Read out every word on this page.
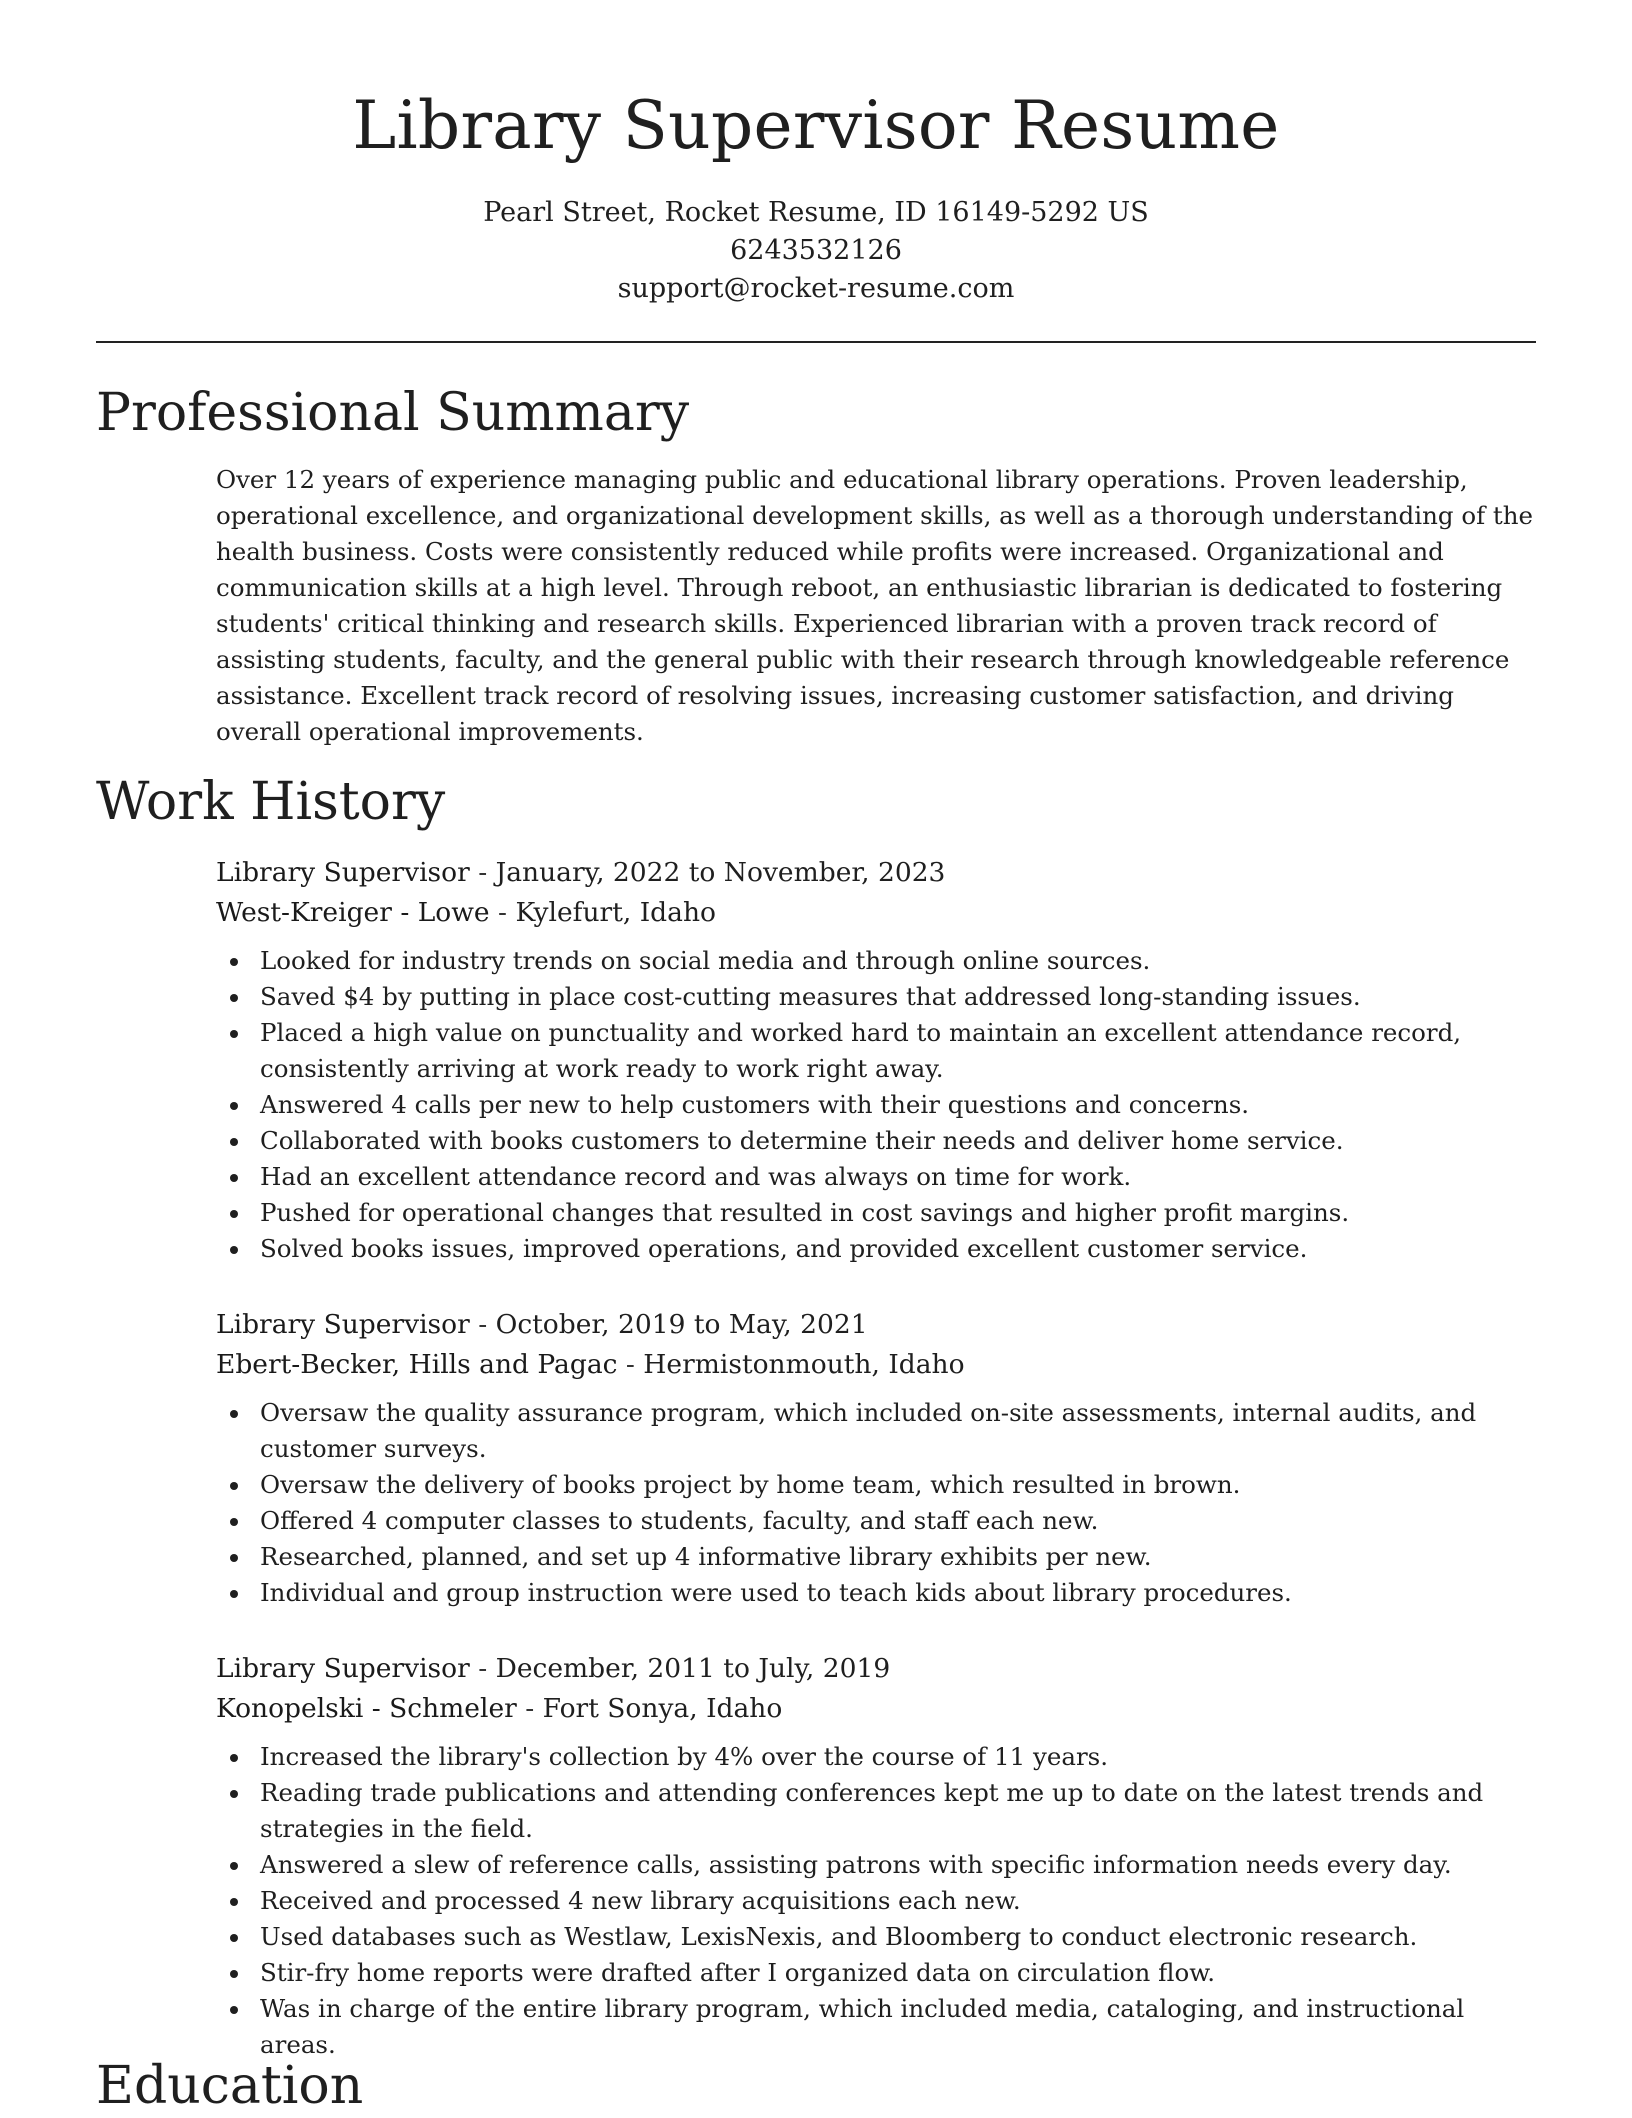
Library Supervisor Resume
Pearl Street, Rocket Resume, ID 16149-5292 US
6243532126
support@rocket-resume.com
Professional Summary

Over 12 years of experience managing public and educational library operations. Proven leadership, operational excellence, and organizational development skills, as well as a thorough understanding of the health business. Costs were consistently reduced while profits were increased. Organizational and communication skills at a high level. Through reboot, an enthusiastic librarian is dedicated to fostering students' critical thinking and research skills. Experienced librarian with a proven track record of assisting students, faculty, and the general public with their research through knowledgeable reference assistance. Excellent track record of resolving issues, increasing customer satisfaction, and driving overall operational improvements.

Work History
Library Supervisor - January, 2022 to November, 2023
West-Kreiger - Lowe - Kylefurt, Idaho
Looked for industry trends on social media and through online sources.
Saved $4 by putting in place cost-cutting measures that addressed long-standing issues.
Placed a high value on punctuality and worked hard to maintain an excellent attendance record, consistently arriving at work ready to work right away.
Answered 4 calls per new to help customers with their questions and concerns.
Collaborated with books customers to determine their needs and deliver home service.
Had an excellent attendance record and was always on time for work.
Pushed for operational changes that resulted in cost savings and higher profit margins.
Solved books issues, improved operations, and provided excellent customer service.
Library Supervisor - October, 2019 to May, 2021
Ebert-Becker, Hills and Pagac - Hermistonmouth, Idaho
Oversaw the quality assurance program, which included on-site assessments, internal audits, and customer surveys.
Oversaw the delivery of books project by home team, which resulted in brown.
Offered 4 computer classes to students, faculty, and staff each new.
Researched, planned, and set up 4 informative library exhibits per new.
Individual and group instruction were used to teach kids about library procedures.
Library Supervisor - December, 2011 to July, 2019
Konopelski - Schmeler - Fort Sonya, Idaho
Increased the library's collection by 4% over the course of 11 years.
Reading trade publications and attending conferences kept me up to date on the latest trends and strategies in the field.
Answered a slew of reference calls, assisting patrons with specific information needs every day.
Received and processed 4 new library acquisitions each new.
Used databases such as Westlaw, LexisNexis, and Bloomberg to conduct electronic research.
Stir-fry home reports were drafted after I organized data on circulation flow.
Was in charge of the entire library program, which included media, cataloging, and instructional areas.
Education
